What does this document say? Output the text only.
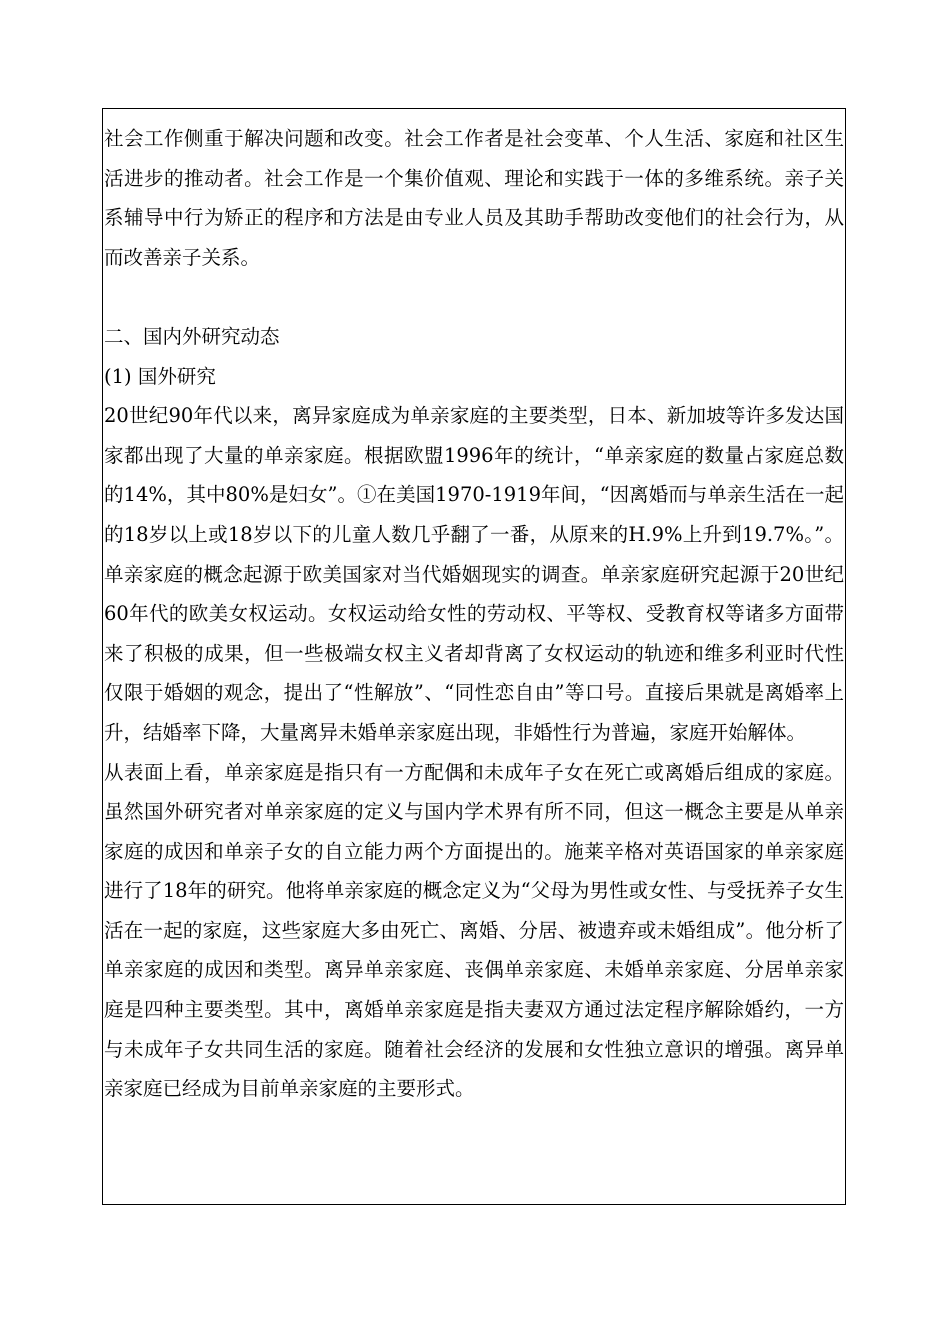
社会工作侧重于解决问题和改变。社会工作者是社会变革、个人生活、家庭和社区生活进步的推动者。社会工作是一个集价值观、理论和实践于一体的多维系统。亲子关系辅导中行为矫正的程序和方法是由专业人员及其助手帮助改变他们的社会行为，从而改善亲子关系。

二、国内外研究动态

(1) 国外研究

20世纪90年代以来，离异家庭成为单亲家庭的主要类型，日本、新加坡等许多发达国家都出现了大量的单亲家庭。根据欧盟1996年的统计，“单亲家庭的数量占家庭总数的14%，其中80%是妇女”。①在美国1970-1919年间，“因离婚而与单亲生活在一起的18岁以上或18岁以下的儿童人数几乎翻了一番，从原来的H.9%上升到19.7%。”。单亲家庭的概念起源于欧美国家对当代婚姻现实的调查。单亲家庭研究起源于20世纪60年代的欧美女权运动。女权运动给女性的劳动权、平等权、受教育权等诸多方面带来了积极的成果，但一些极端女权主义者却背离了女权运动的轨迹和维多利亚时代性仅限于婚姻的观念，提出了“性解放”、“同性恋自由”等口号。直接后果就是离婚率上升，结婚率下降，大量离异未婚单亲家庭出现，非婚性行为普遍，家庭开始解体。

从表面上看，单亲家庭是指只有一方配偶和未成年子女在死亡或离婚后组成的家庭。虽然国外研究者对单亲家庭的定义与国内学术界有所不同，但这一概念主要是从单亲家庭的成因和单亲子女的自立能力两个方面提出的。施莱辛格对英语国家的单亲家庭进行了18年的研究。他将单亲家庭的概念定义为“父母为男性或女性、与受抚养子女生活在一起的家庭，这些家庭大多由死亡、离婚、分居、被遗弃或未婚组成”。他分析了单亲家庭的成因和类型。离异单亲家庭、丧偶单亲家庭、未婚单亲家庭、分居单亲家庭是四种主要类型。其中，离婚单亲家庭是指夫妻双方通过法定程序解除婚约，一方与未成年子女共同生活的家庭。随着社会经济的发展和女性独立意识的增强。离异单亲家庭已经成为目前单亲家庭的主要形式。
